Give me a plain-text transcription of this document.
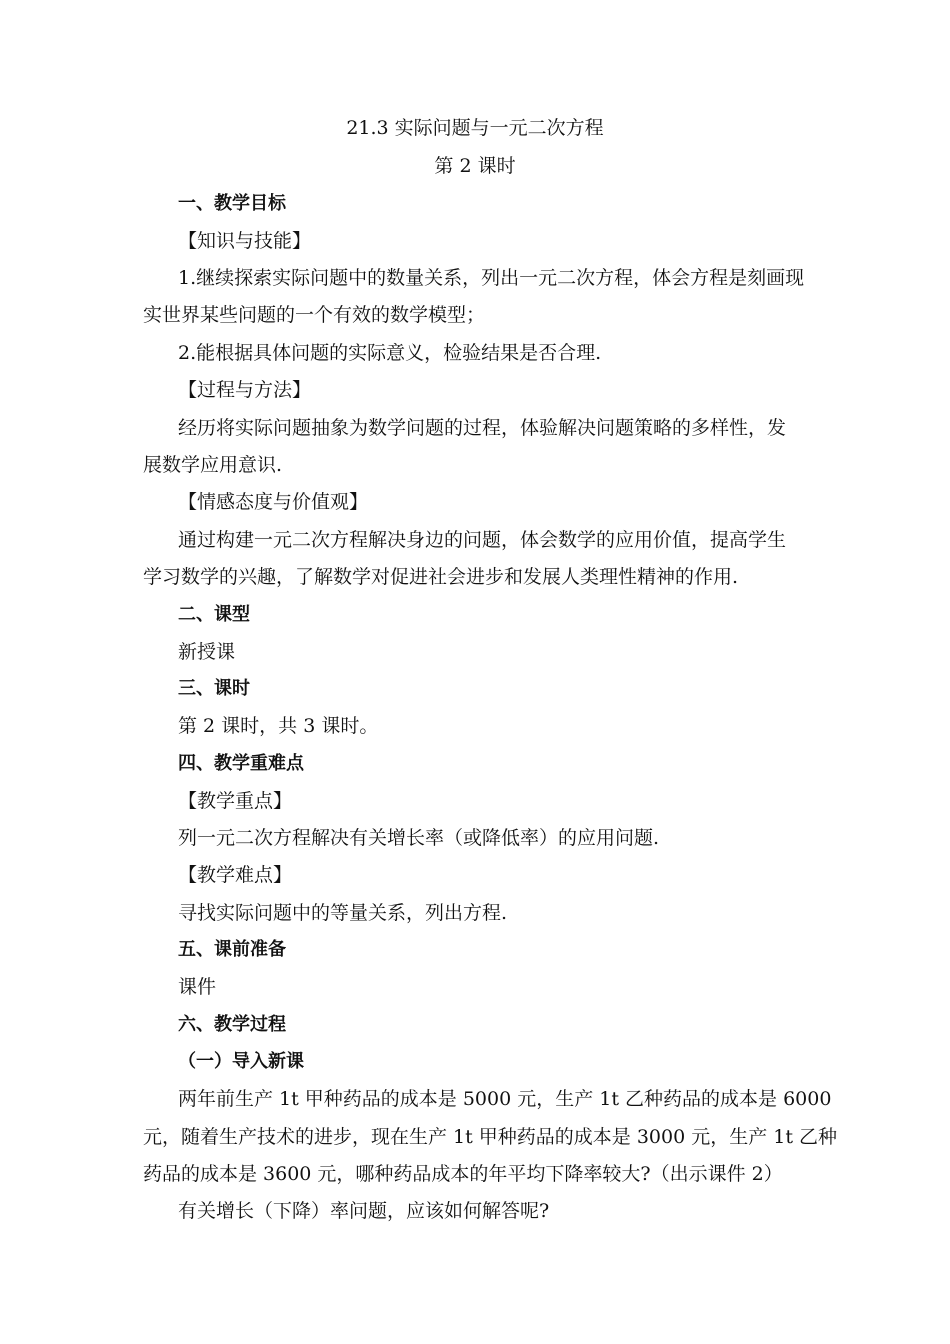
21.3 实际问题与一元二次方程
第 2 课时
一、教学目标
【知识与技能】
1.继续探索实际问题中的数量关系，列出一元二次方程，体会方程是刻画现
实世界某些问题的一个有效的数学模型；
2.能根据具体问题的实际意义，检验结果是否合理.
【过程与方法】
经历将实际问题抽象为数学问题的过程，体验解决问题策略的多样性，发
展数学应用意识.
【情感态度与价值观】
通过构建一元二次方程解决身边的问题，体会数学的应用价值，提高学生
学习数学的兴趣，了解数学对促进社会进步和发展人类理性精神的作用.
二、课型
新授课
三、课时
第 2 课时，共 3 课时。
四、教学重难点
【教学重点】
列一元二次方程解决有关增长率（或降低率）的应用问题.
【教学难点】
寻找实际问题中的等量关系，列出方程.
五、课前准备
课件
六、教学过程
（一）导入新课
两年前生产 1t 甲种药品的成本是 5000 元，生产 1t 乙种药品的成本是 6000
元，随着生产技术的进步，现在生产 1t 甲种药品的成本是 3000 元，生产 1t 乙种
药品的成本是 3600 元，哪种药品成本的年平均下降率较大?（出示课件 2）
有关增长（下降）率问题，应该如何解答呢?
